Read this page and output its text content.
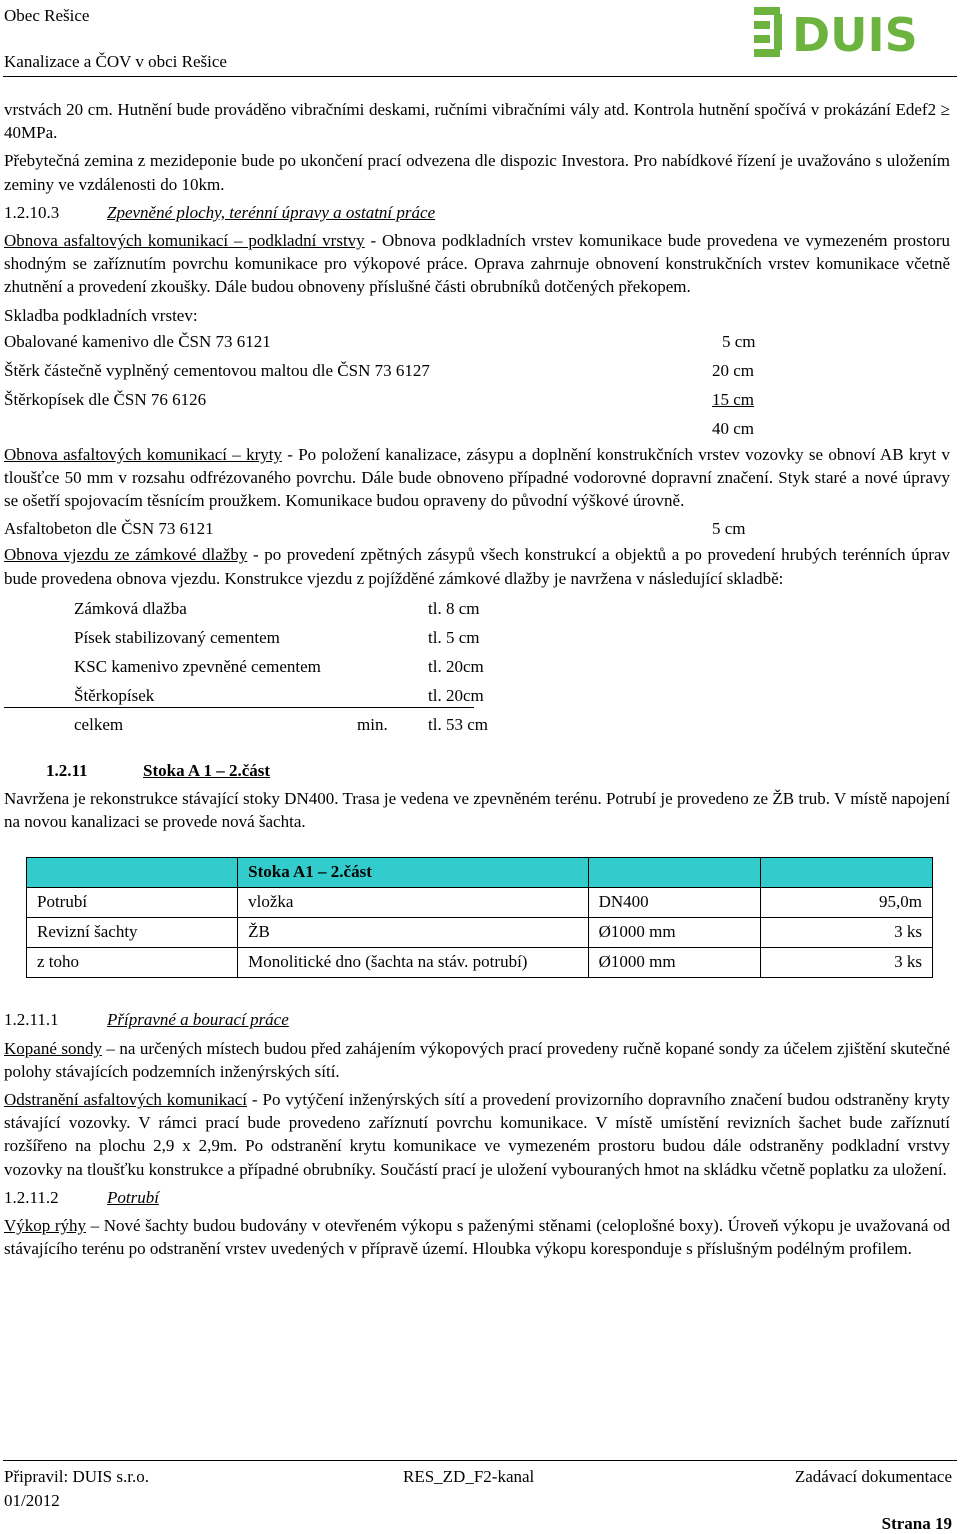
Obec Rešice
Kanalizace a ČOV v obci Rešice	DUIS

vrstvách 20 cm. Hutnění bude prováděno vibračními deskami, ručními vibračními vály atd. Kontrola hutnění spočívá v prokázání Edef2 ≥ 40MPa.

Přebytečná zemina z mezideponie bude po ukončení prací odvezena dle dispozic Investora. Pro nabídkové řízení je uvažováno s uložením zeminy ve vzdálenosti do 10km.

1.2.10.3	Zpevněné plochy, terénní úpravy a ostatní práce

Obnova asfaltových komunikací – podkladní vrstvy - Obnova podkladních vrstev komunikace bude provedena ve vymezeném prostoru shodným se zaříznutím povrchu komunikace pro výkopové práce. Oprava zahrnuje obnovení konstrukčních vrstev komunikace včetně zhutnění a provedení zkoušky. Dále budou obnoveny příslušné části obrubníků dotčených překopem.

Skladba podkladních vrstev:

Obalované kamenivo dle ČSN 73 6121	5 cm
Štěrk částečně vyplněný cementovou maltou dle ČSN 73 6127	20 cm
Štěrkopísek dle ČSN 76 6126	15 cm
40 cm

Obnova asfaltových komunikací – kryty - Po položení kanalizace, zásypu a doplnění konstrukčních vrstev vozovky se obnoví AB kryt v tloušťce 50 mm v rozsahu odfrézovaného povrchu. Dále bude obnoveno případné vodorovné dopravní značení. Styk staré a nové úpravy se ošetří spojovacím těsnícím proužkem. Komunikace budou opraveny do původní výškové úrovně.

Asfaltobeton dle ČSN 73 6121	5 cm

Obnova vjezdu ze zámkové dlažby - po provedení zpětných zásypů všech konstrukcí a objektů a po provedení hrubých terénních úprav bude provedena obnova vjezdu. Konstrukce vjezdu z pojížděné zámkové dlažby je navržena v následující skladbě:

Zámková dlažba	tl. 8 cm
Písek stabilizovaný cementem	tl. 5 cm
KSC kamenivo zpevněné cementem	tl. 20cm
Štěrkopísek	tl. 20cm
celkem	min. tl. 53 cm

1.2.11	Stoka A 1 – 2.část

Navržena je rekonstrukce stávající stoky DN400. Trasa je vedena ve zpevněném terénu. Potrubí je provedeno ze ŽB trub. V místě napojení na novou kanalizaci se provede nová šachta.

	Stoka A1 – 2.část		
Potrubí	vložka	DN400	95,0m
Revizní šachty	ŽB	Ø1000 mm	3 ks
z toho	Monolitické dno (šachta na stáv. potrubí)	Ø1000 mm	3 ks

1.2.11.1	Přípravné a bourací práce

Kopané sondy – na určených místech budou před zahájením výkopových prací provedeny ručně kopané sondy za účelem zjištění skutečné polohy stávajících podzemních inženýrských sítí.

Odstranění asfaltových komunikací - Po vytýčení inženýrských sítí a provedení provizorního dopravního značení budou odstraněny kryty stávající vozovky. V rámci prací bude provedeno zaříznutí povrchu komunikace. V místě umístění revizních šachet bude zaříznutí rozšířeno na plochu 2,9 x 2,9m. Po odstranění krytu komunikace ve vymezeném prostoru budou dále odstraněny podkladní vrstvy vozovky na tloušťku konstrukce a případné obrubníky. Součástí prací je uložení vybouraných hmot na skládku včetně poplatku za uložení.

1.2.11.2	Potrubí

Výkop rýhy – Nové šachty budou budovány v otevřeném výkopu s paženými stěnami (celoplošné boxy). Úroveň výkopu je uvažovaná od stávajícího terénu po odstranění vrstev uvedených v přípravě území. Hloubka výkopu koresponduje s příslušným podélným profilem.

Připravil: DUIS s.r.o.	RES_ZD_F2-kanal	Zadávací dokumentace
01/2012
Strana 19
